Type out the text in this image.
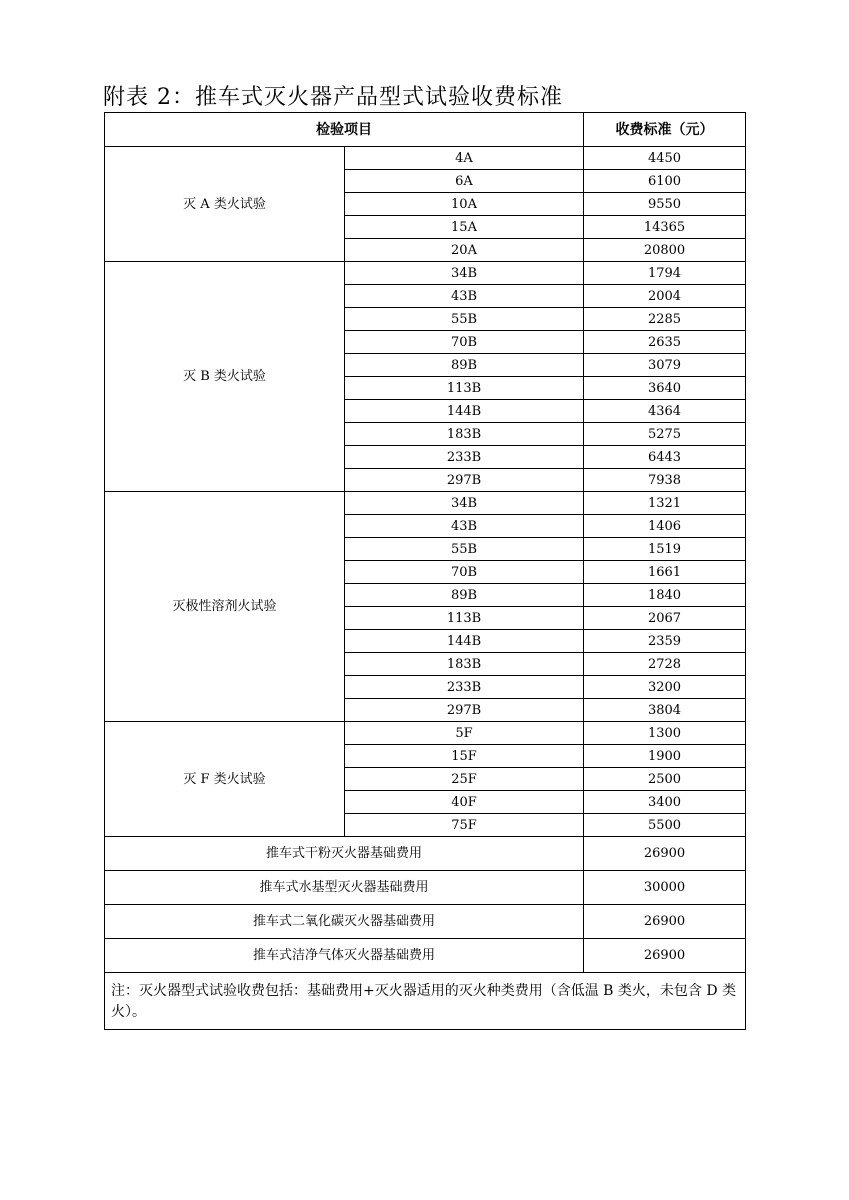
附表 2：推车式灭火器产品型式试验收费标准
检验项目		收费标准（元）
灭 A 类火试验	4A	4450
	6A	6100
	10A	9550
	15A	14365
	20A	20800
灭 B 类火试验	34B	1794
	43B	2004
	55B	2285
	70B	2635
	89B	3079
	113B	3640
	144B	4364
	183B	5275
	233B	6443
	297B	7938
灭极性溶剂火试验	34B	1321
	43B	1406
	55B	1519
	70B	1661
	89B	1840
	113B	2067
	144B	2359
	183B	2728
	233B	3200
	297B	3804
灭 F 类火试验	5F	1300
	15F	1900
	25F	2500
	40F	3400
	75F	5500
推车式干粉灭火器基础费用		26900
推车式水基型灭火器基础费用		30000
推车式二氧化碳灭火器基础费用		26900
推车式洁净气体灭火器基础费用		26900
注：灭火器型式试验收费包括：基础费用+灭火器适用的灭火种类费用（含低温 B 类火，未包含 D 类火）。		
